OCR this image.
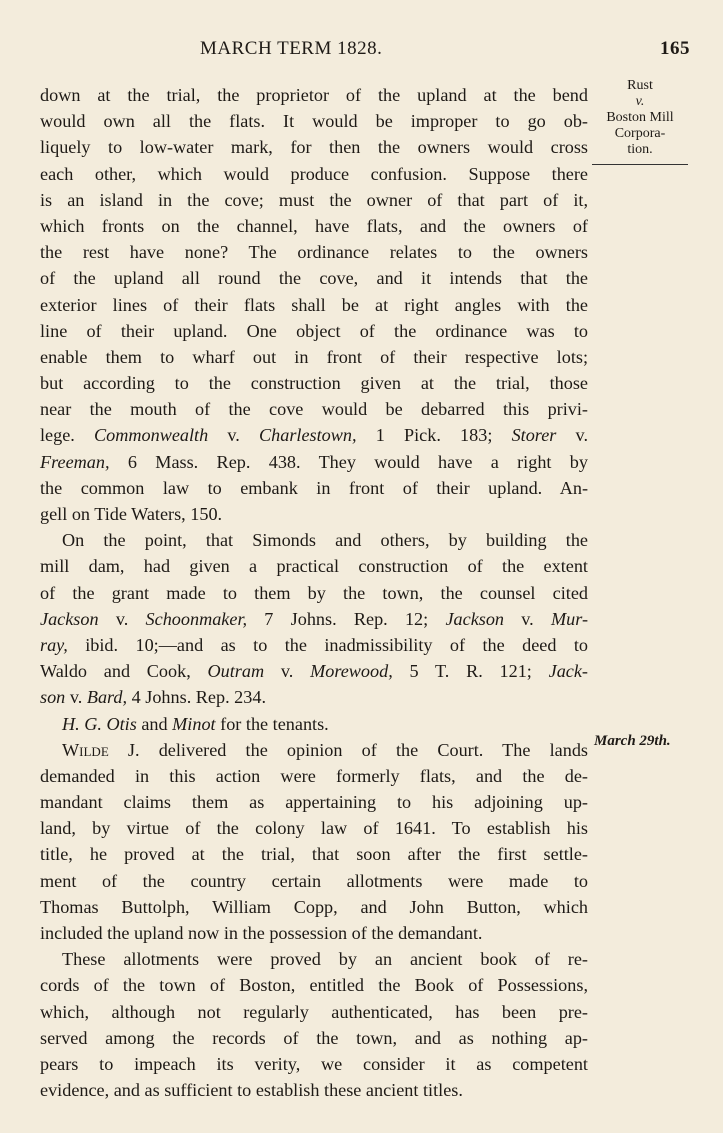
MARCH TERM 1828.	165
Rust
v.
Boston Mill
Corpora-
tion.
March 29th.
down at the trial, the proprietor of the upland at the bend
would own all the flats. It would be improper to go ob-
liquely to low-water mark, for then the owners would cross
each other, which would produce confusion. Suppose there
is an island in the cove; must the owner of that part of it,
which fronts on the channel, have flats, and the owners of
the rest have none? The ordinance relates to the owners
of the upland all round the cove, and it intends that the
exterior lines of their flats shall be at right angles with the
line of their upland. One object of the ordinance was to
enable them to wharf out in front of their respective lots;
but according to the construction given at the trial, those
near the mouth of the cove would be debarred this privi-
lege. Commonwealth v. Charlestown, 1 Pick. 183; Storer v.
Freeman, 6 Mass. Rep. 438. They would have a right by
the common law to embank in front of their upland. An-
gell on Tide Waters, 150.
On the point, that Simonds and others, by building the
mill dam, had given a practical construction of the extent
of the grant made to them by the town, the counsel cited
Jackson v. Schoonmaker, 7 Johns. Rep. 12; Jackson v. Mur-
ray, ibid. 10;—and as to the inadmissibility of the deed to
Waldo and Cook, Outram v. Morewood, 5 T. R. 121; Jack-
son v. Bard, 4 Johns. Rep. 234.
H. G. Otis and Minot for the tenants.
Wilde J. delivered the opinion of the Court. The lands
demanded in this action were formerly flats, and the de-
mandant claims them as appertaining to his adjoining up-
land, by virtue of the colony law of 1641. To establish his
title, he proved at the trial, that soon after the first settle-
ment of the country certain allotments were made to
Thomas Buttolph, William Copp, and John Button, which
included the upland now in the possession of the demandant.
These allotments were proved by an ancient book of re-
cords of the town of Boston, entitled the Book of Possessions,
which, although not regularly authenticated, has been pre-
served among the records of the town, and as nothing ap-
pears to impeach its verity, we consider it as competent
evidence, and as sufficient to establish these ancient titles.
